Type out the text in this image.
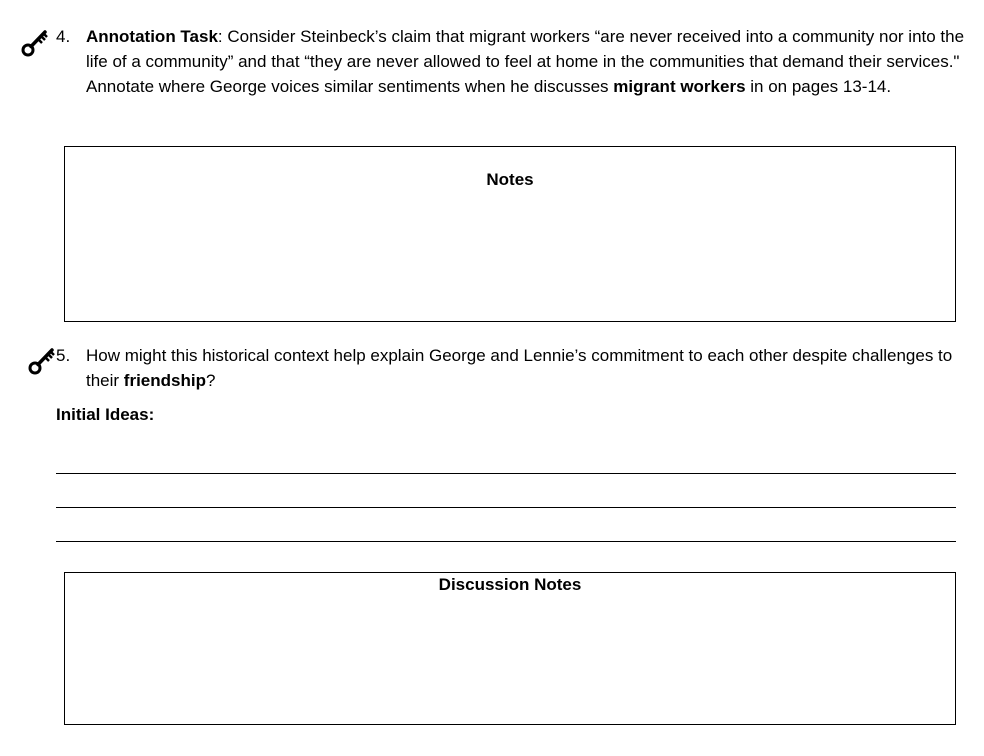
4. Annotation Task: Consider Steinbeck’s claim that migrant workers “are never received into a community nor into the life of a community” and that “they are never allowed to feel at home in the communities that demand their services." Annotate where George voices similar sentiments when he discusses migrant workers in on pages 13-14.
Notes
5. How might this historical context help explain George and Lennie’s commitment to each other despite challenges to their friendship?
Initial Ideas:
Discussion Notes
